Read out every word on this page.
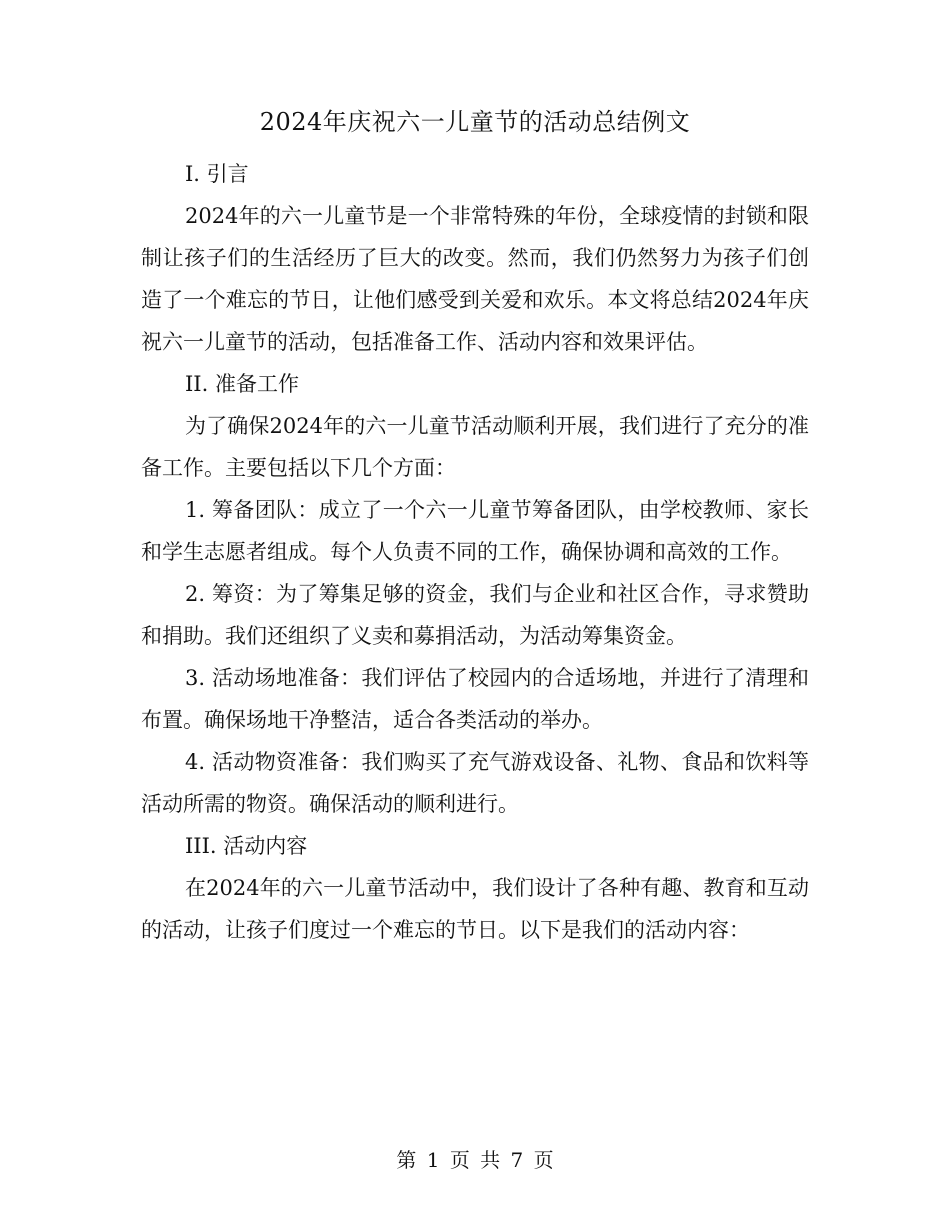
2024年庆祝六一儿童节的活动总结例文

I. 引言

2024年的六一儿童节是一个非常特殊的年份，全球疫情的封锁和限制让孩子们的生活经历了巨大的改变。然而，我们仍然努力为孩子们创造了一个难忘的节日，让他们感受到关爱和欢乐。本文将总结2024年庆祝六一儿童节的活动，包括准备工作、活动内容和效果评估。

II. 准备工作

为了确保2024年的六一儿童节活动顺利开展，我们进行了充分的准备工作。主要包括以下几个方面：

1. 筹备团队：成立了一个六一儿童节筹备团队，由学校教师、家长和学生志愿者组成。每个人负责不同的工作，确保协调和高效的工作。

2. 筹资：为了筹集足够的资金，我们与企业和社区合作，寻求赞助和捐助。我们还组织了义卖和募捐活动，为活动筹集资金。

3. 活动场地准备：我们评估了校园内的合适场地，并进行了清理和布置。确保场地干净整洁，适合各类活动的举办。

4. 活动物资准备：我们购买了充气游戏设备、礼物、食品和饮料等活动所需的物资。确保活动的顺利进行。

III. 活动内容

在2024年的六一儿童节活动中，我们设计了各种有趣、教育和互动的活动，让孩子们度过一个难忘的节日。以下是我们的活动内容：

第 1 页 共 7 页
